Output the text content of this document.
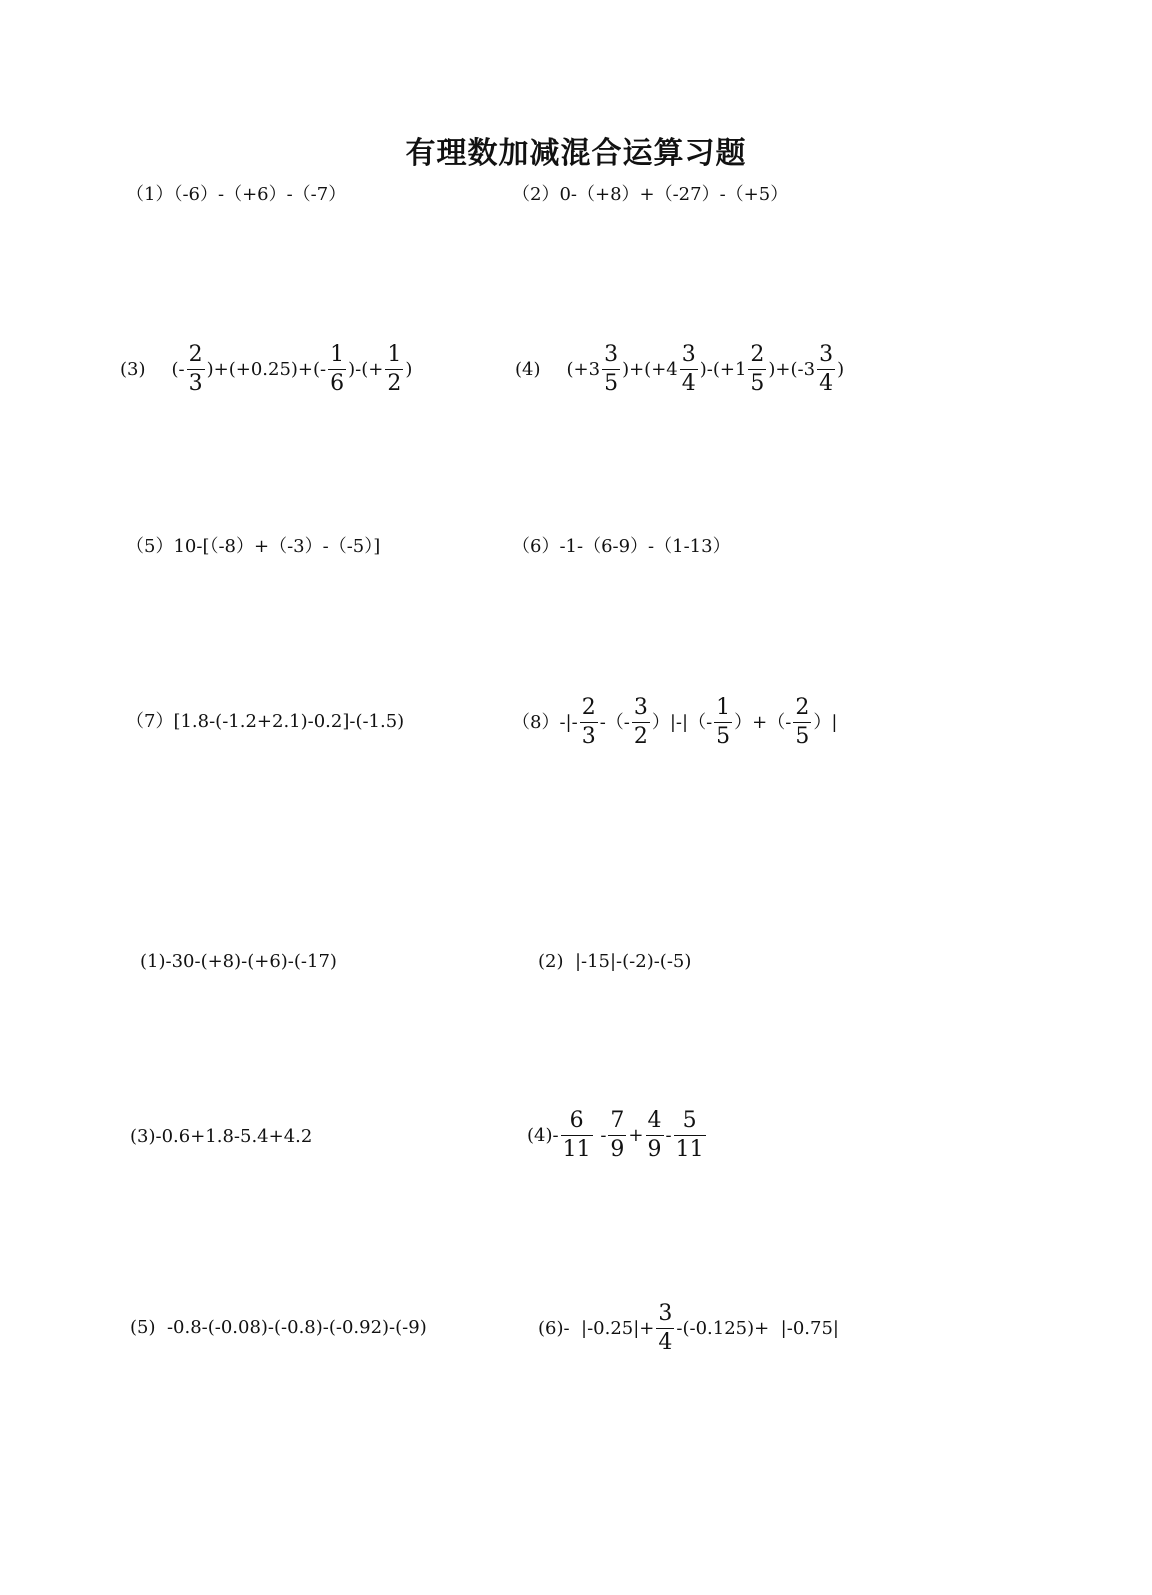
有理数加减混合运算习题
（1）（-6）-（+6）-（-7）	（2）0-（+8）+（-27）-（+5）
(3) (- $\frac{2}{3} )+(+0.25)+(- \frac{1}{6}$ )-(+ $\frac{1}{2}$ )	(4) $(+3 \frac{3}{5} )+(+4 \frac{3}{4} )-(+1 \frac{2}{5} )+(-3 \frac{3}{4}$ )
（5）10-[（-8）+（-3）-（-5）]	（6）-1-（6-9）-（1-13）
（7）[1.8-(-1.2+2.1)-0.2]-(-1.5)	$(8)-|- \frac{2}{3}$ -（- $\frac{3}{2}$ ）|-|（- $\frac{1}{5}$ ）+（- $\frac{2}{5}$ ）|
(1)-30-(+8)-(+6)-(-17)	(2)  |-15|-(-2)-(-5)
(3)-0.6+1.8-5.4+4.2	$(4)- \frac{6}{11} - \frac{7}{9} + \frac{4}{9} - \frac{5}{11}$
(5)  -0.8-(-0.08)-(-0.8)-(-0.92)-(-9)	(6)-  $|-0.25|+ \frac{3}{4} -(-0.125)+ |-0.75|$
